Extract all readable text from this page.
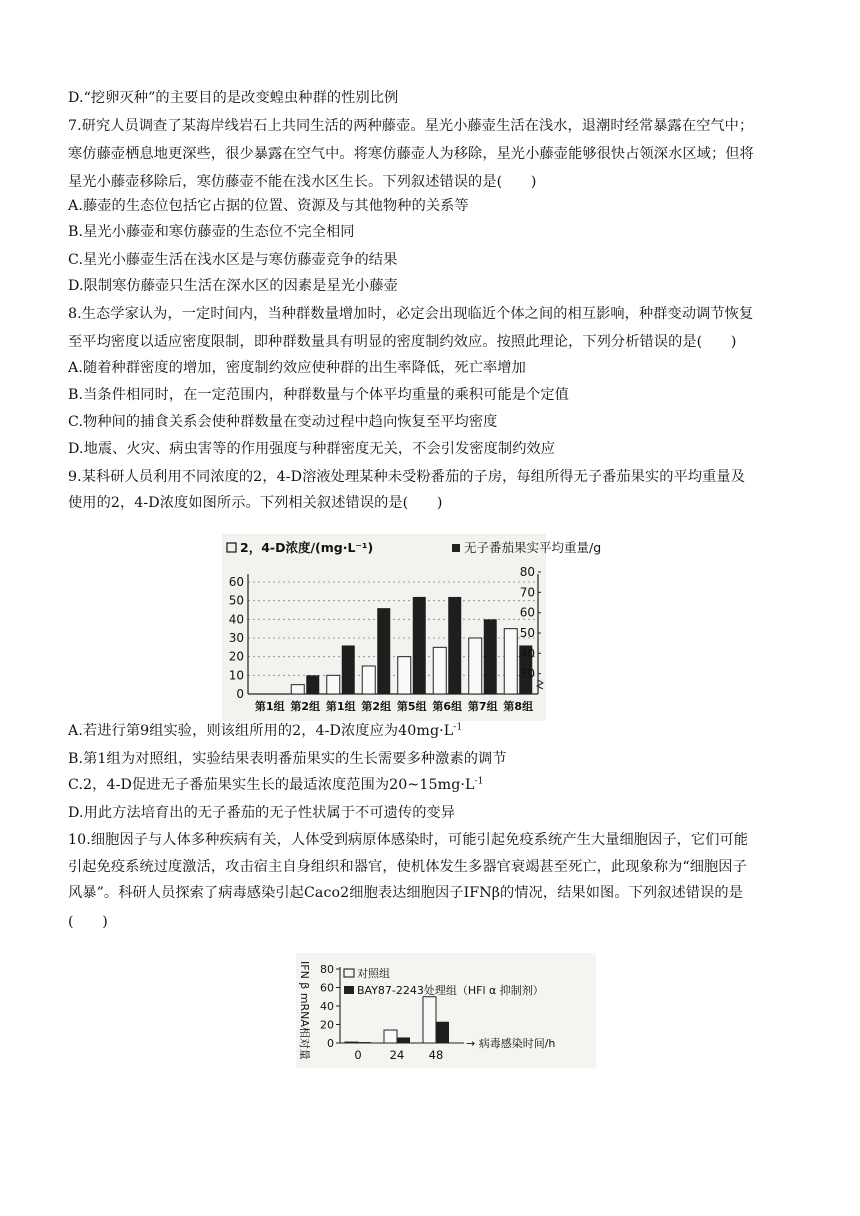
D.“挖卵灭种”的主要目的是改变蝗虫种群的性别比例
7.研究人员调查了某海岸线岩石上共同生活的两种藤壶。星光小藤壶生活在浅水，退潮时经常暴露在空气中；
寒仿藤壶栖息地更深些，很少暴露在空气中。将寒仿藤壶人为移除，星光小藤壶能够很快占领深水区域；但将
星光小藤壶移除后，寒仿藤壶不能在浅水区生长。下列叙述错误的是(　　)
A.藤壶的生态位包括它占据的位置、资源及与其他物种的关系等
B.星光小藤壶和寒仿藤壶的生态位不完全相同
C.星光小藤壶生活在浅水区是与寒仿藤壶竞争的结果
D.限制寒仿藤壶只生活在深水区的因素是星光小藤壶
8.生态学家认为，一定时间内，当种群数量增加时，必定会出现临近个体之间的相互影响，种群变动调节恢复
至平均密度以适应密度限制，即种群数量具有明显的密度制约效应。按照此理论，下列分析错误的是(　　)
A.随着种群密度的增加，密度制约效应使种群的出生率降低，死亡率增加
B.当条件相同时，在一定范围内，种群数量与个体平均重量的乘积可能是个定值
C.物种间的捕食关系会使种群数量在变动过程中趋向恢复至平均密度
D.地震、火灾、病虫害等的作用强度与种群密度无关，不会引发密度制约效应
9.某科研人员利用不同浓度的2，4-D溶液处理某种未受粉番茄的子房，每组所得无子番茄果实的平均重量及
使用的2，4-D浓度如图所示。下列相关叙述错误的是(　　)
A.若进行第9组实验，则该组所用的2，4-D浓度应为$40mg\cdot L^{-1}$
B.第1组为对照组，实验结果表明番茄果实的生长需要多种激素的调节
C.2，4-D促进无子番茄果实生长的最适浓度范围为$20\sim 15mg\cdot L^{-1}$
D.用此方法培育出的无子番茄的无子性状属于不可遗传的变异
10.细胞因子与人体多种疾病有关，人体受到病原体感染时，可能引起免疫系统产生大量细胞因子，它们可能
引起免疫系统过度激活，攻击宿主自身组织和器官，使机体发生多器官衰竭甚至死亡，此现象称为“细胞因子
风暴”。科研人员探索了病毒感染引起Caco2细胞表达细胞因子IFNβ的情况，结果如图。下列叙述错误的是
(　　)
2，4-D浓度/(mg·L⁻¹)	无子番茄果实平均重量/g
0
10
20
30
40
50
60
30
40
50
60
70
80
第1组 第2组 第1组 第2组 第5组 第6组 第7组 第8组
IFN β mRNA相对量	对照组
BAY87-2243处理组（HFl α 抑制剂）
→ 病毒感染时间/h
0
20
40
60
80
0 24 48
